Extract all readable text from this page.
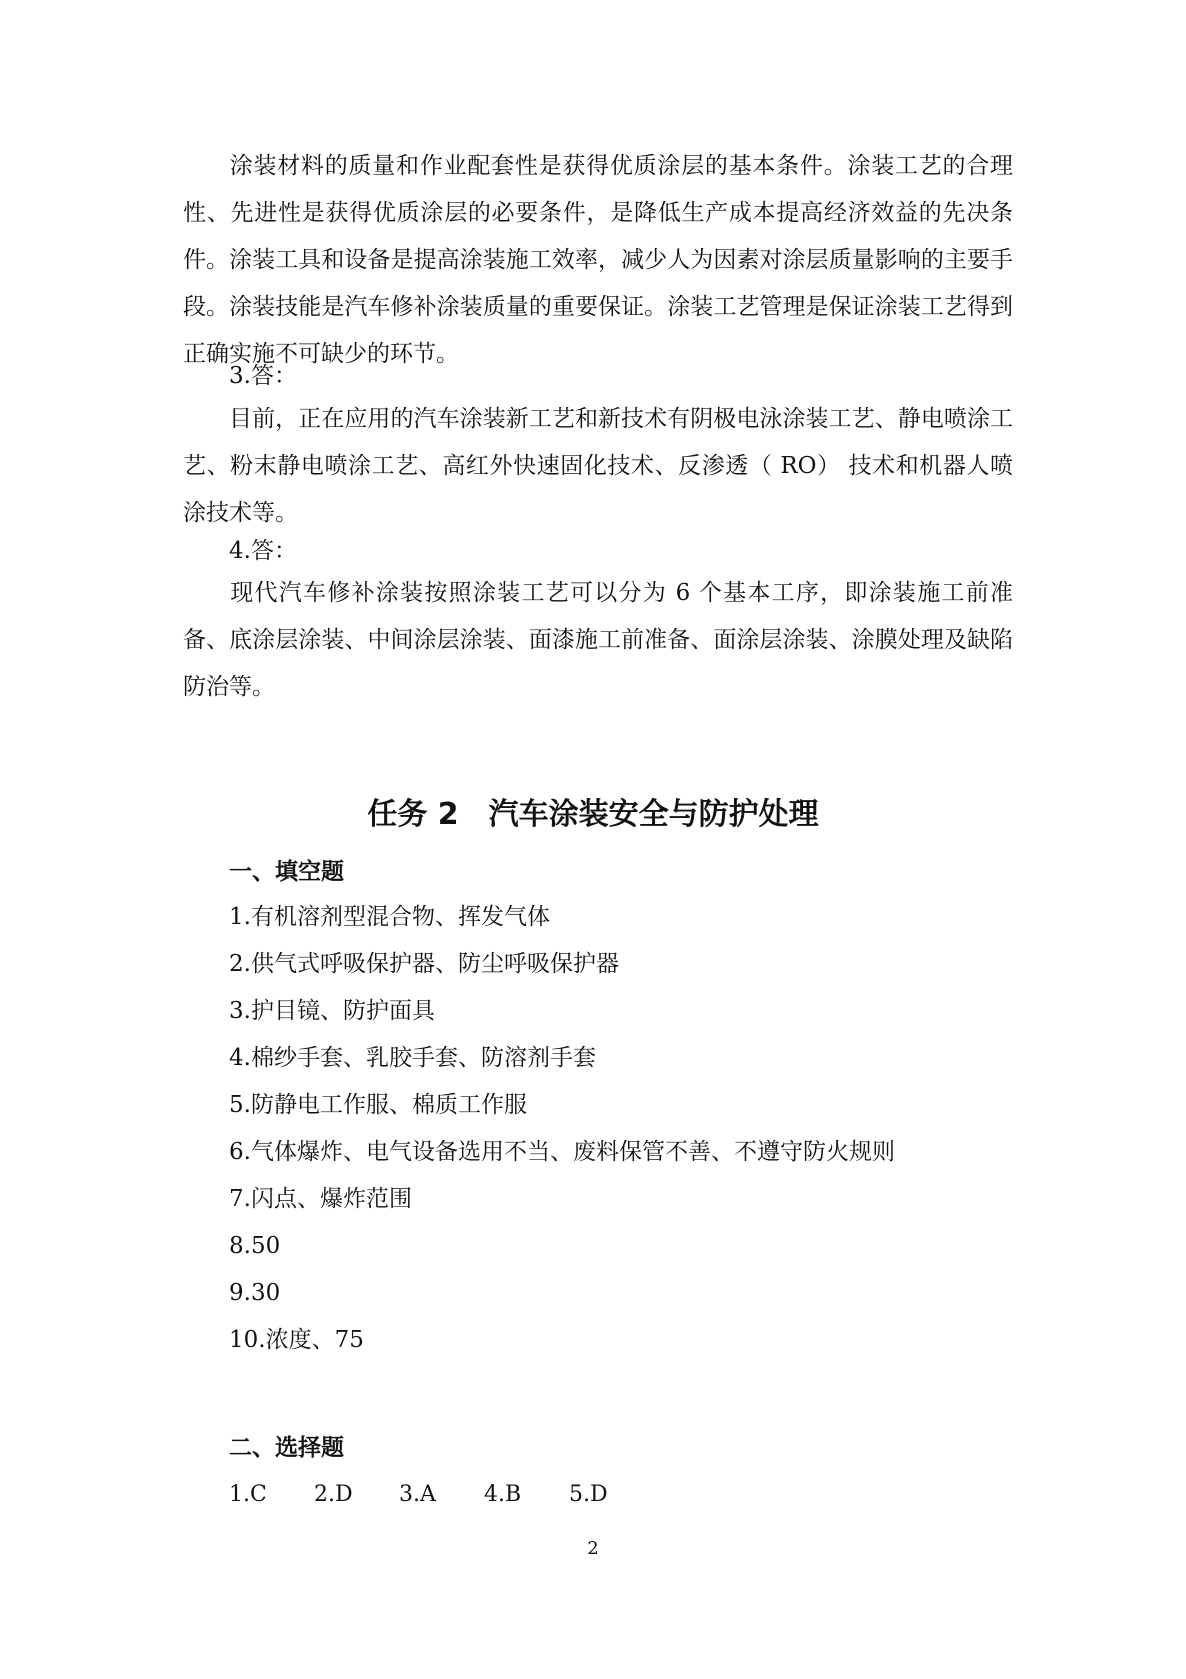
涂装材料的质量和作业配套性是获得优质涂层的基本条件。涂装工艺的合理性、先进性是获得优质涂层的必要条件，是降低生产成本提高经济效益的先决条件。涂装工具和设备是提高涂装施工效率，减少人为因素对涂层质量影响的主要手段。涂装技能是汽车修补涂装质量的重要保证。涂装工艺管理是保证涂装工艺得到正确实施不可缺少的环节。

3.答：

目前，正在应用的汽车涂装新工艺和新技术有阴极电泳涂装工艺、静电喷涂工艺、粉末静电喷涂工艺、高红外快速固化技术、反渗透（ RO） 技术和机器人喷涂技术等。

4.答：

现代汽车修补涂装按照涂装工艺可以分为 6 个基本工序，即涂装施工前准备、底涂层涂装、中间涂层涂装、面漆施工前准备、面涂层涂装、涂膜处理及缺陷防治等。

任务 2　汽车涂装安全与防护处理

一、填空题

1.有机溶剂型混合物、挥发气体

2.供气式呼吸保护器、防尘呼吸保护器

3.护目镜、防护面具

4.棉纱手套、乳胶手套、防溶剂手套

5.防静电工作服、棉质工作服

6.气体爆炸、电气设备选用不当、废料保管不善、不遵守防火规则

7.闪点、爆炸范围

8.50

9.30

10.浓度、75

二、选择题

1.C 2.D 3.A 4.B 5.D
2
